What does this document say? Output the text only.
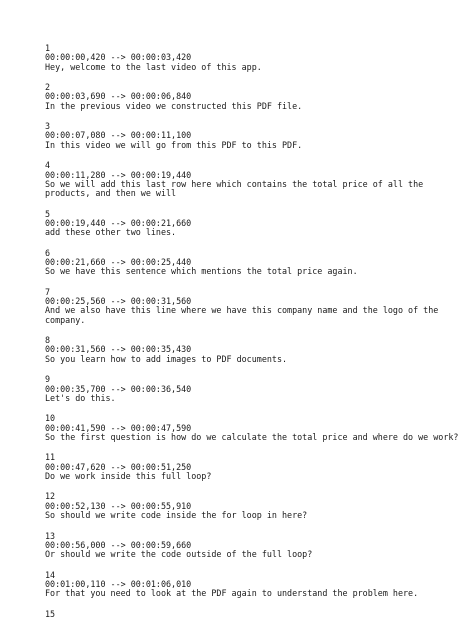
1
00:00:00,420 --> 00:00:03,420
Hey, welcome to the last video of this app.
2
00:00:03,690 --> 00:00:06,840
In the previous video we constructed this PDF file.
3
00:00:07,080 --> 00:00:11,100
In this video we will go from this PDF to this PDF.
4
00:00:11,280 --> 00:00:19,440
So we will add this last row here which contains the total price of all the
products, and then we will
5
00:00:19,440 --> 00:00:21,660
add these other two lines.
6
00:00:21,660 --> 00:00:25,440
So we have this sentence which mentions the total price again.
7
00:00:25,560 --> 00:00:31,560
And we also have this line where we have this company name and the logo of the
company.
8
00:00:31,560 --> 00:00:35,430
So you learn how to add images to PDF documents.
9
00:00:35,700 --> 00:00:36,540
Let's do this.
10
00:00:41,590 --> 00:00:47,590
So the first question is how do we calculate the total price and where do we work?
11
00:00:47,620 --> 00:00:51,250
Do we work inside this full loop?
12
00:00:52,130 --> 00:00:55,910
So should we write code inside the for loop in here?
13
00:00:56,000 --> 00:00:59,660
Or should we write the code outside of the full loop?
14
00:01:00,110 --> 00:01:06,010
For that you need to look at the PDF again to understand the problem here.
15
